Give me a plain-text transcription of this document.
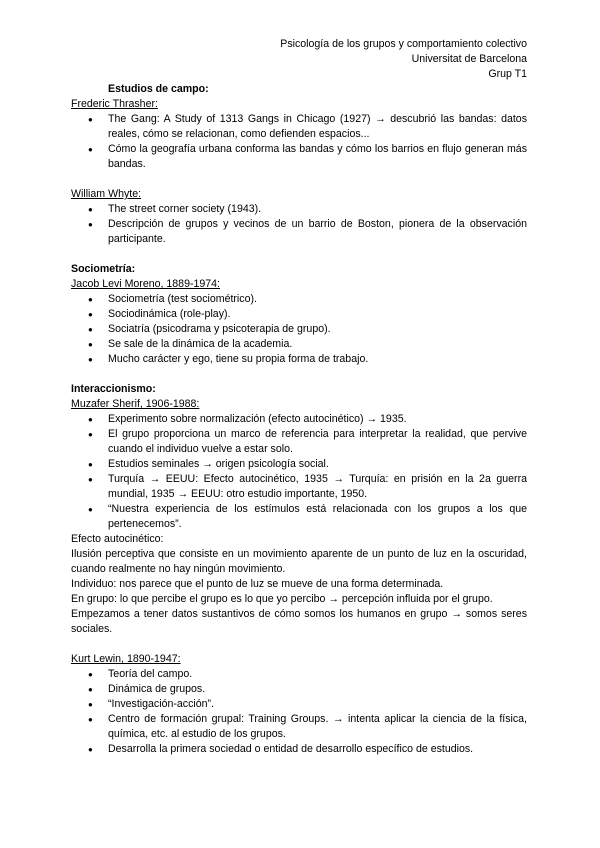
Psicología de los grupos y comportamiento colectivo
Universitat de Barcelona
Grup T1

Estudios de campo:

Frederic Thrasher:

● The Gang: A Study of 1313 Gangs in Chicago (1927) → descubrió las bandas: datos reales, cómo se relacionan, como defienden espacios...
● Cómo la geografía urbana conforma las bandas y cómo los barrios en flujo generan más bandas.

William Whyte:

● The street corner society (1943).
● Descripción de grupos y vecinos de un barrio de Boston, pionera de la observación participante.

Sociometría:

Jacob Levi Moreno, 1889-1974:

● Sociometría (test sociométrico).
● Sociodinámica (role-play).
● Sociatría (psicodrama y psicoterapia de grupo).
● Se sale de la dinámica de la academia.
● Mucho carácter y ego, tiene su propia forma de trabajo.

Interaccionismo:

Muzafer Sherif, 1906-1988:

● Experimento sobre normalización (efecto autocinético) → 1935.
● El grupo proporciona un marco de referencia para interpretar la realidad, que pervive cuando el individuo vuelve a estar solo.
● Estudios seminales → origen psicología social.
● Turquía → EEUU: Efecto autocinético, 1935 → Turquía: en prisión en la 2a guerra mundial, 1935 → EEUU: otro estudio importante, 1950.
● “Nuestra experiencia de los estímulos está relacionada con los grupos a los que pertenecemos”.

Efecto autocinético:

Ilusión perceptiva que consiste en un movimiento aparente de un punto de luz en la oscuridad, cuando realmente no hay ningún movimiento.

Individuo: nos parece que el punto de luz se mueve de una forma determinada.

En grupo: lo que percibe el grupo es lo que yo percibo → percepción influida por el grupo.

Empezamos a tener datos sustantivos de cómo somos los humanos en grupo → somos seres sociales.

Kurt Lewin, 1890-1947:

● Teoría del campo.
● Dinámica de grupos.
● “Investigación-acción”.
● Centro de formación grupal: Training Groups. → intenta aplicar la ciencia de la física, química, etc. al estudio de los grupos.
● Desarrolla la primera sociedad o entidad de desarrollo específico de estudios.
